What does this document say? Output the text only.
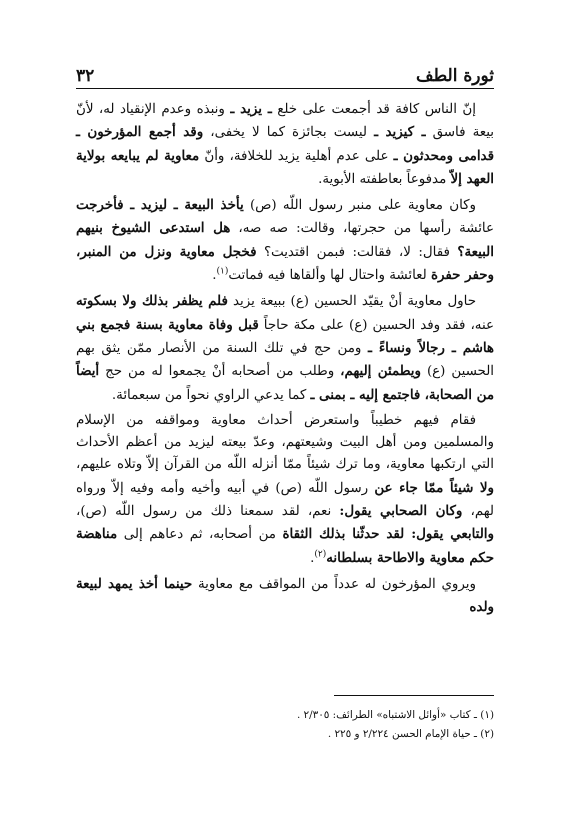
ثورة الطف
٣٢

إنّ الناس كافة قد أجمعت على خلع ـ يزيد ـ ونبذه وعدم الإنقياد له، لأنّ بيعة فاسق ـ كيزيد ـ ليست بجائزة كما لا يخفى، وقد أجمع المؤرخون ـ قدامى ومحدثون ـ على عدم أهلية يزيد للخلافة، وأنّ معاوية لم يبايعه بولاية العهد إلاّ مدفوعاً بعاطفته الأبوية.

وكان معاوية على منبر رسول اللّه (ص) يأخذ البيعة ـ ليزيد ـ فأخرجت عائشة رأسها من حجرتها، وقالت: صه صه، هل استدعى الشيوخ بنيهم البيعة؟ فقال: لا، فقالت: فبمن اقتديت؟ فخجل معاوية ونزل من المنبر، وحفر حفرة لعائشة واحتال لها وألقاها فيه فماتت$^{(١)}$.

حاول معاوية أنْ يقيّد الحسين (ع) ببيعة يزيد فلم يظفر بذلك ولا بسكوته عنه، فقد وفد الحسين (ع) على مكة حاجاً قبل وفاة معاوية بسنة فجمع بني هاشم ـ رجالاً ونساءً ـ ومن حج في تلك السنة من الأنصار ممّن يثق بهم الحسين (ع) ويطمئن إليهم، وطلب من أصحابه أنْ يجمعوا له من حج أيضاً من الصحابة، فاجتمع إليه ـ بمنى ـ كما يدعي الراوي نحواً من سبعمائة.

فقام فيهم خطيباً واستعرض أحداث معاوية ومواقفه من الإسلام والمسلمين ومن أهل البيت وشيعتهم، وعدّ بيعته ليزيد من أعظم الأحداث التي ارتكبها معاوية، وما ترك شيئاً ممّا أنزله اللّه من القرآن إلاّ وتلاه عليهم، ولا شيئاً ممّا جاء عن رسول اللّه (ص) في أبيه وأخيه وأمه وفيه إلاّ ورواه لهم، وكان الصحابي يقول: نعم، لقد سمعنا ذلك من رسول اللّه (ص)، والتابعي يقول: لقد حدثّنا بذلك الثقاة من أصحابه، ثم دعاهم إلى مناهضة حكم معاوية والاطاحة بسلطانه$^{(٢)}$.

ويروي المؤرخون له عدداً من المواقف مع معاوية حينما أخذ يمهد لبيعة ولده

(١) ـ كتاب «أوائل الاشتباه» الطرائف: ٢/٣٠٥ .
(٢) ـ حياة الإمام الحسن ٢/٢٢٤ و ٢٢٥ .
